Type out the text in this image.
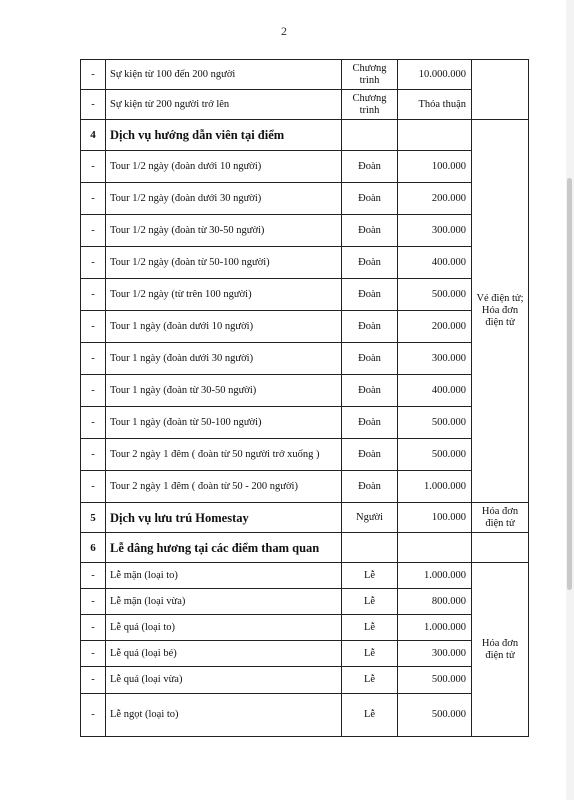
2
-	Sự kiện từ 100 đến 200 người	Chương trình	10.000.000	
-	Sự kiện từ 200 người trở lên	Chương trình	Thỏa thuận	
4	Dịch vụ hướng dẫn viên tại điểm			Vé điện tử; Hóa đơn điện tử
-	Tour 1/2 ngày (đoàn dưới 10 người)	Đoàn	100.000	
-	Tour 1/2 ngày (đoàn dưới 30 người)	Đoàn	200.000	
-	Tour 1/2 ngày (đoàn từ 30-50 người)	Đoàn	300.000	
-	Tour 1/2 ngày (đoàn từ 50-100 người)	Đoàn	400.000	
-	Tour 1/2 ngày (từ trên 100 người)	Đoàn	500.000	
-	Tour 1 ngày (đoàn dưới 10 người)	Đoàn	200.000	
-	Tour 1 ngày (đoàn dưới 30 người)	Đoàn	300.000	
-	Tour 1 ngày (đoàn từ 30-50 người)	Đoàn	400.000	
-	Tour 1 ngày (đoàn từ 50-100 người)	Đoàn	500.000	
-	Tour 2 ngày 1 đêm ( đoàn từ 50 người trở xuống )	Đoàn	500.000	
-	Tour 2 ngày 1 đêm ( đoàn từ 50 - 200 người)	Đoàn	1.000.000	
5	Dịch vụ lưu trú Homestay	Người	100.000	Hóa đơn điện tử
6	Lễ dâng hương tại các điểm tham quan			
-	Lễ mặn (loại to)	Lễ	1.000.000	Hóa đơn điện tử
-	Lễ mặn (loại vừa)	Lễ	800.000	
-	Lễ quả (loại to)	Lễ	1.000.000	
-	Lễ quả (loại bé)	Lễ	300.000	
-	Lễ quả (loại vừa)	Lễ	500.000	
-	Lễ ngọt (loại to)	Lễ	500.000	
